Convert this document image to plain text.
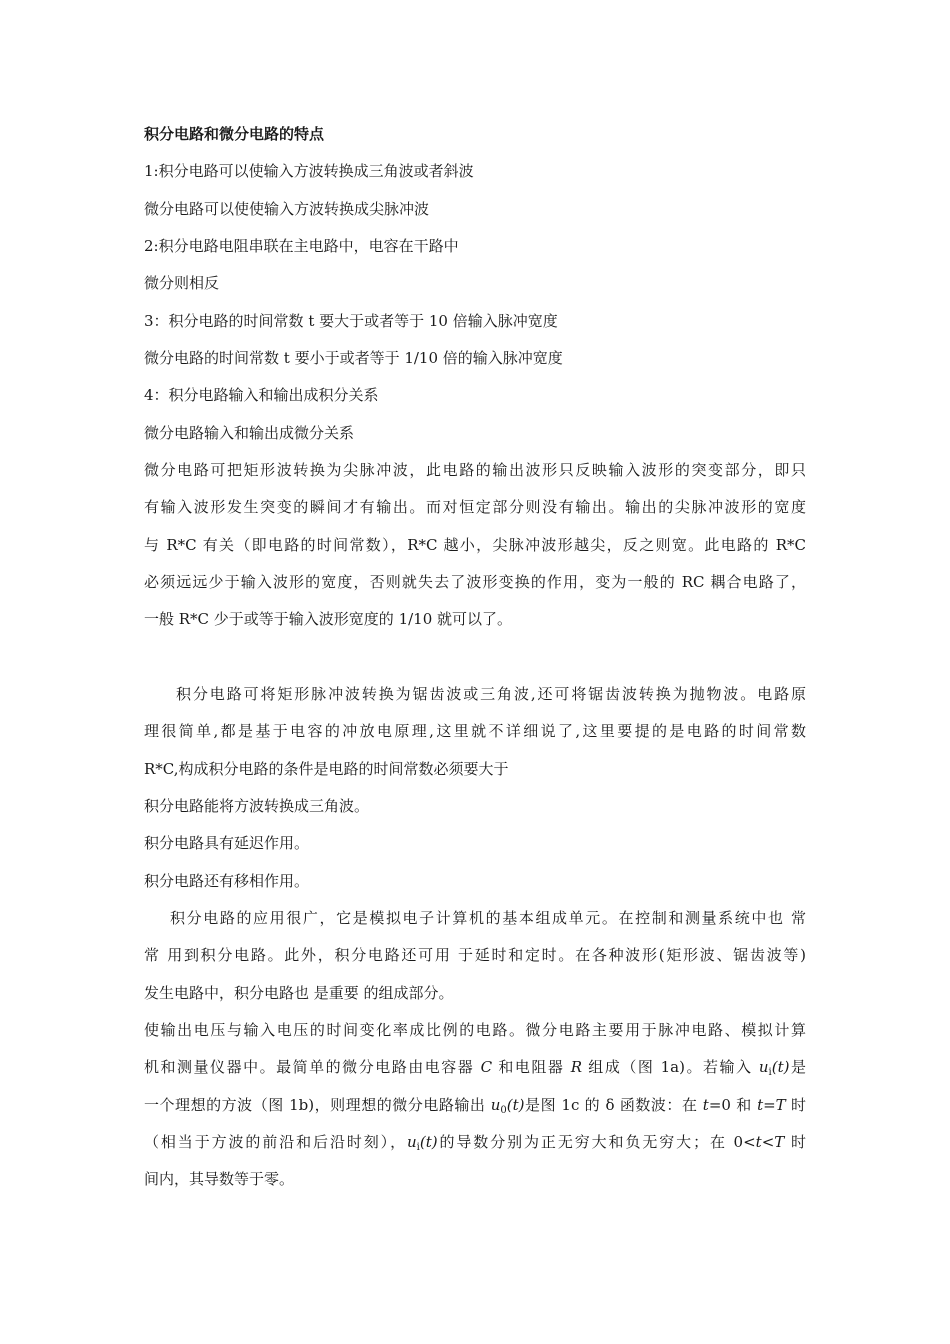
积分电路和微分电路的特点
1:积分电路可以使输入方波转换成三角波或者斜波
微分电路可以使使输入方波转换成尖脉冲波
2:积分电路电阻串联在主电路中，电容在干路中
微分则相反
3：积分电路的时间常数 t 要大于或者等于 10 倍输入脉冲宽度
微分电路的时间常数 t 要小于或者等于 1/10 倍的输入脉冲宽度
4：积分电路输入和输出成积分关系
微分电路输入和输出成微分关系
微分电路可把矩形波转换为尖脉冲波，此电路的输出波形只反映输入波形的突变部分，即只
有输入波形发生突变的瞬间才有输出。而对恒定部分则没有输出。输出的尖脉冲波形的宽度
与 R*C 有关（即电路的时间常数），R*C 越小，尖脉冲波形越尖，反之则宽。此电路的 R*C
必须远远少于输入波形的宽度，否则就失去了波形变换的作用，变为一般的 RC 耦合电路了，
一般 R*C 少于或等于输入波形宽度的 1/10 就可以了。
积分电路可将矩形脉冲波转换为锯齿波或三角波,还可将锯齿波转换为抛物波。电路原
理很简单,都是基于电容的冲放电原理,这里就不详细说了,这里要提的是电路的时间常数
R*C,构成积分电路的条件是电路的时间常数必须要大于
积分电路能将方波转换成三角波。
积分电路具有延迟作用。
积分电路还有移相作用。
积分电路的应用很广，它是模拟电子计算机的基本组成单元。在控制和测量系统中也 常
常 用到积分电路。此外，积分电路还可用 于延时和定时。在各种波形(矩形波、锯齿波等)
发生电路中，积分电路也 是重要 的组成部分。
使输出电压与输入电压的时间变化率成比例的电路。微分电路主要用于脉冲电路、模拟计算
机和测量仪器中。最简单的微分电路由电容器 C 和电阻器 R 组成（图 1a)。若输入 $u_i(t)$是
一个理想的方波（图 1b)，则理想的微分电路输出 $u_0(t)$是图 1c 的 δ 函数波：在 t=0 和 t=T 时
（相当于方波的前沿和后沿时刻），$u_i(t)$的导数分别为正无穷大和负无穷大；在 0<t<T 时
间内，其导数等于零。
